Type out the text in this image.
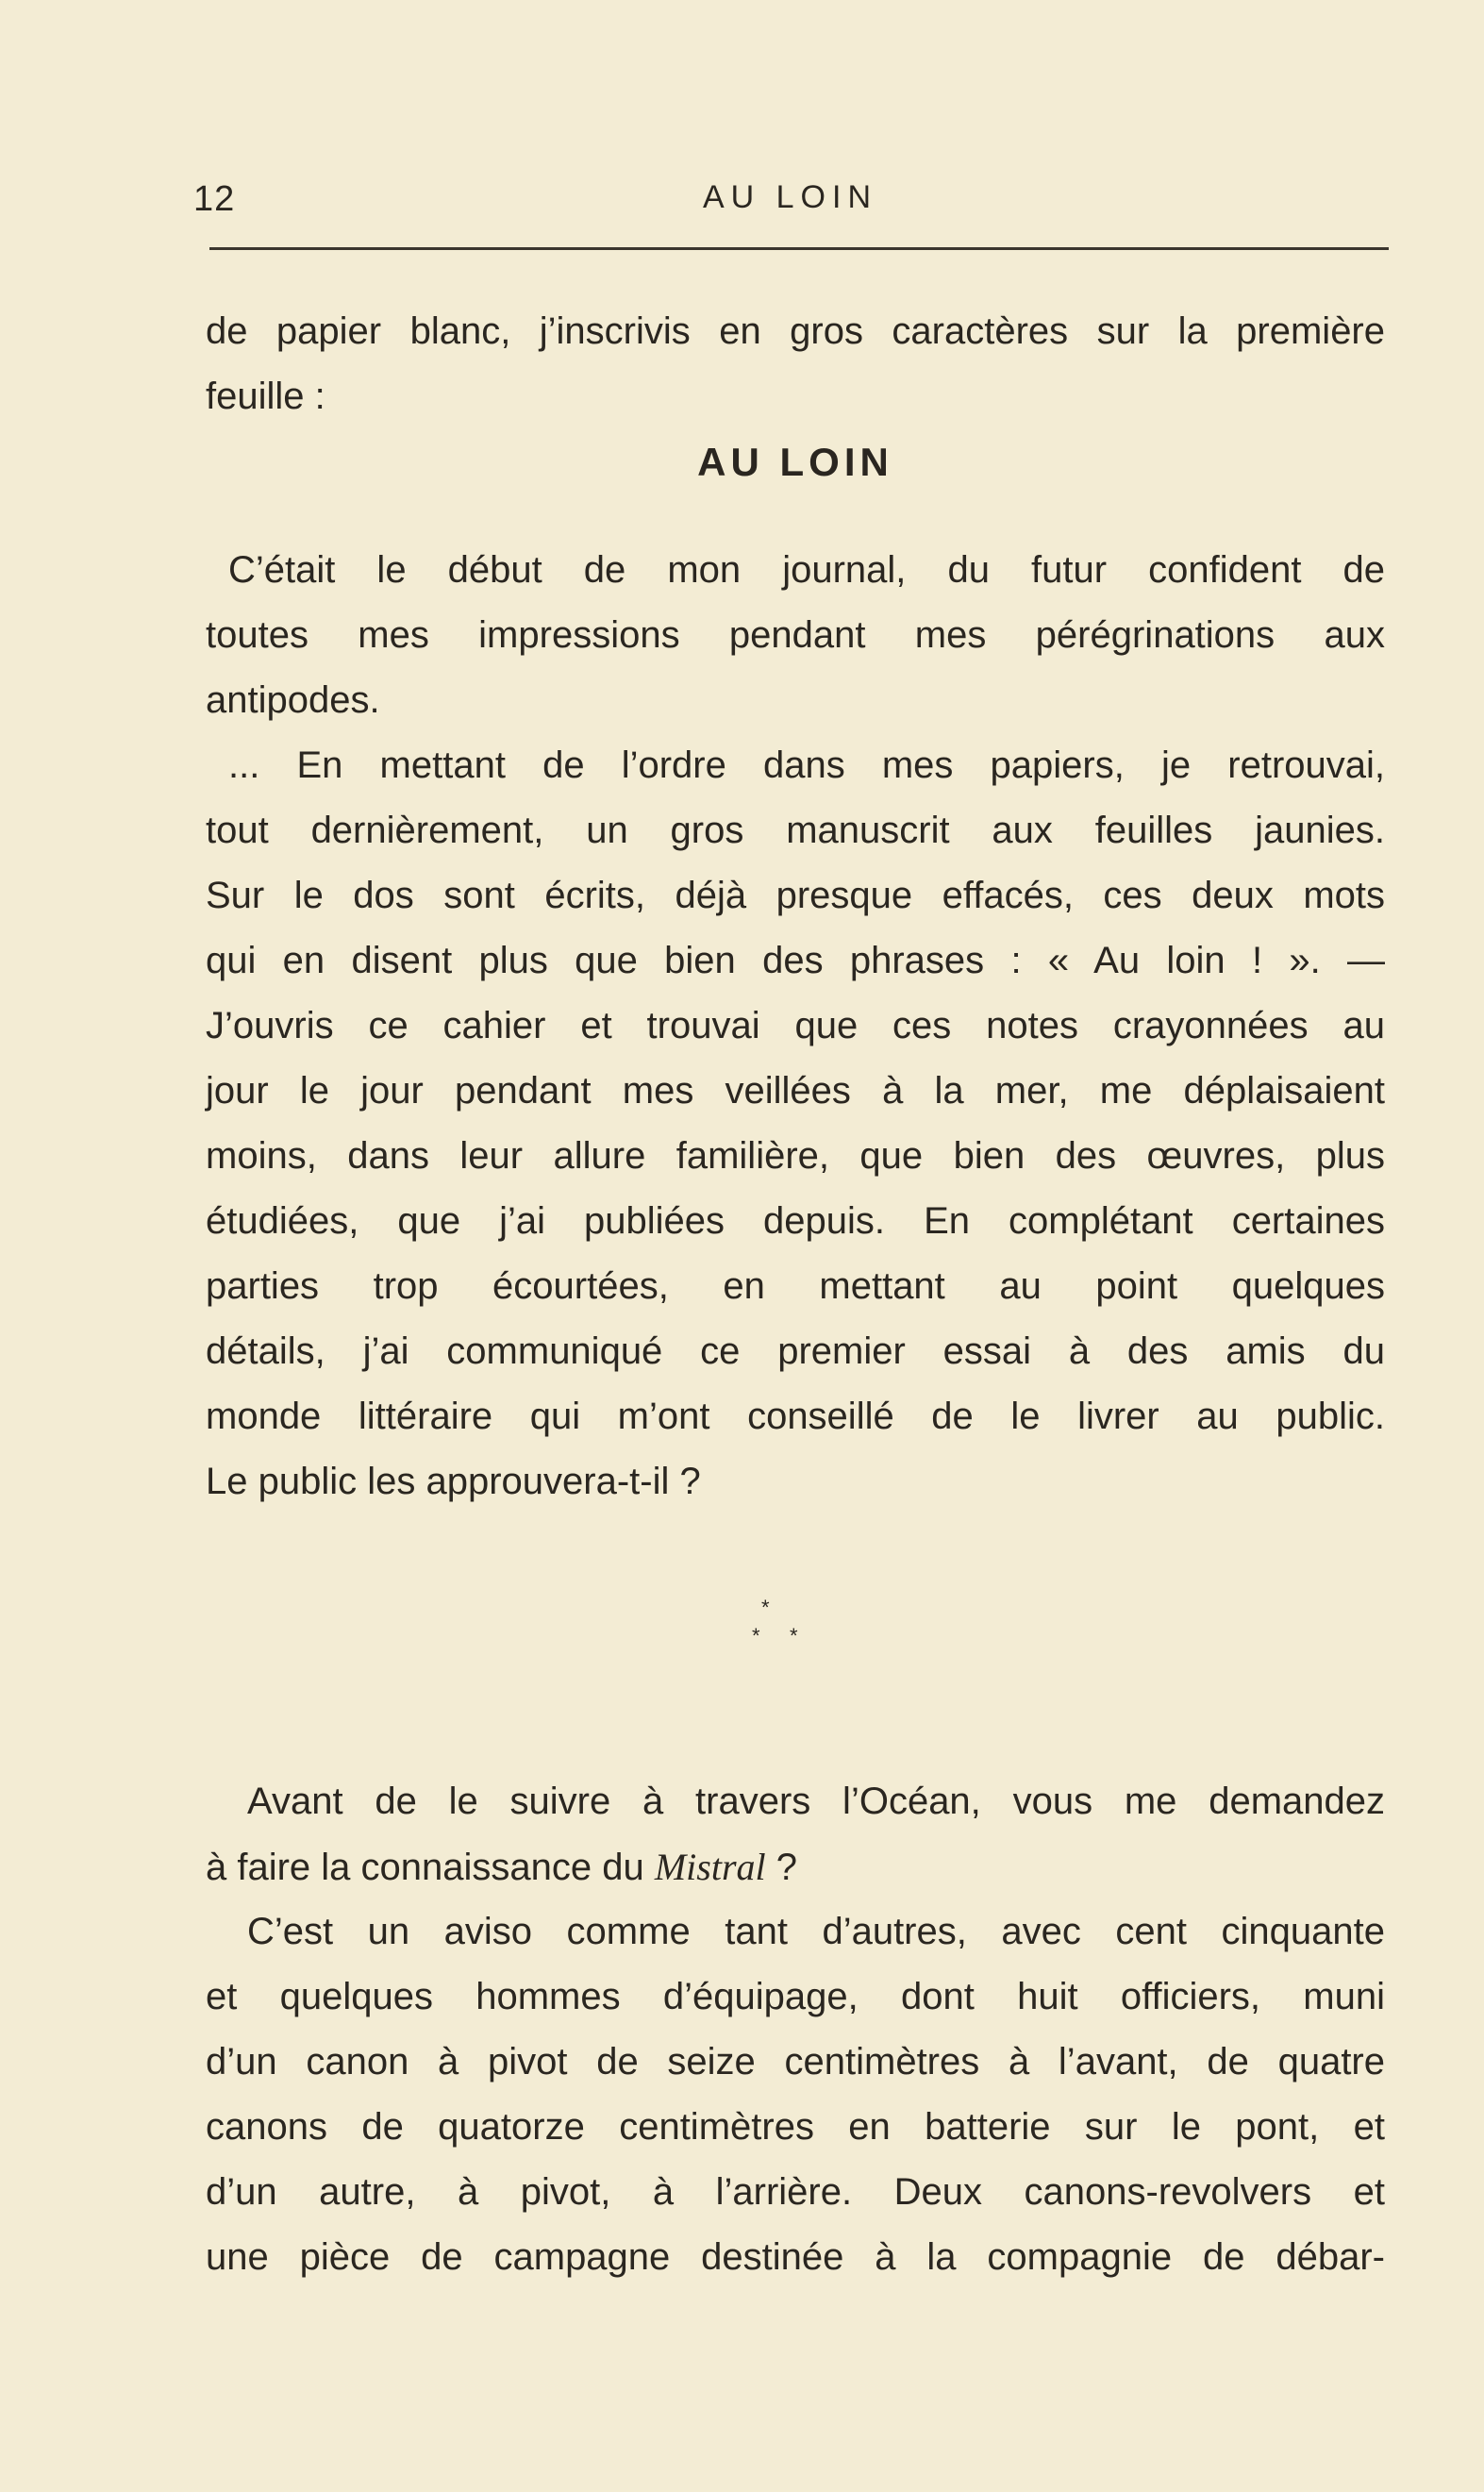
12	AU LOIN
de papier blanc, j’inscrivis en gros caractères sur la première
feuille :
AU LOIN
C’était le début de mon journal, du futur confident de
toutes mes impressions pendant mes pérégrinations aux
antipodes.
... En mettant de l’ordre dans mes papiers, je retrouvai,
tout dernièrement, un gros manuscrit aux feuilles jaunies.
Sur le dos sont écrits, déjà presque effacés, ces deux mots
qui en disent plus que bien des phrases : « Au loin ! ». —
J’ouvris ce cahier et trouvai que ces notes crayonnées au
jour le jour pendant mes veillées à la mer, me déplaisaient
moins, dans leur allure familière, que bien des œuvres, plus
étudiées, que j’ai publiées depuis. En complétant certaines
parties trop écourtées, en mettant au point quelques
détails, j’ai communiqué ce premier essai à des amis du
monde littéraire qui m’ont conseillé de le livrer au public.
Le public les approuvera-t-il ?
*
* *
Avant de le suivre à travers l’Océan, vous me demandez
à faire la connaissance du Mistral ?
C’est un aviso comme tant d’autres, avec cent cinquante
et quelques hommes d’équipage, dont huit officiers, muni
d’un canon à pivot de seize centimètres à l’avant, de quatre
canons de quatorze centimètres en batterie sur le pont, et
d’un autre, à pivot, à l’arrière. Deux canons-revolvers et
une pièce de campagne destinée à la compagnie de débar-
